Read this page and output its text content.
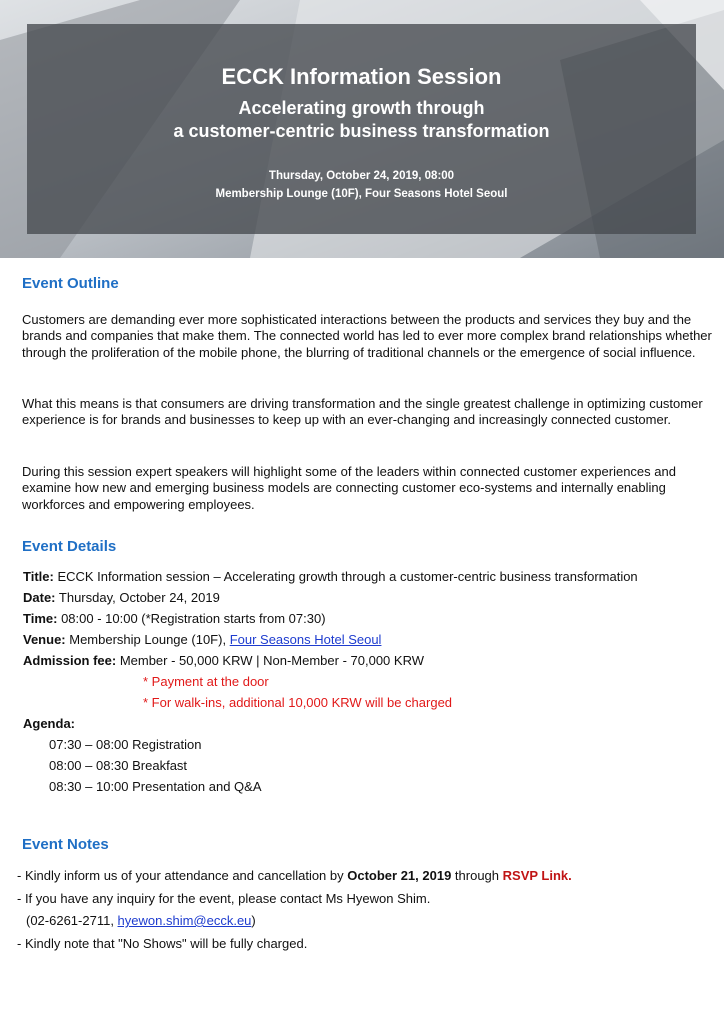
ECCK Information Session
Accelerating growth through
a customer-centric business transformation
Thursday, October 24, 2019, 08:00
Membership Lounge (10F), Four Seasons Hotel Seoul
Event Outline
Customers are demanding ever more sophisticated interactions between the products and services they buy and the brands and companies that make them. The connected world has led to ever more complex brand relationships whether through the proliferation of the mobile phone, the blurring of traditional channels or the emergence of social influence.
What this means is that consumers are driving transformation and the single greatest challenge in optimizing customer experience is for brands and businesses to keep up with an ever-changing and increasingly connected customer.
During this session expert speakers will highlight some of the leaders within connected customer experiences and examine how new and emerging business models are connecting customer eco-systems and internally enabling workforces and empowering employees.
Event Details
Title: ECCK Information session – Accelerating growth through a customer-centric business transformation
Date: Thursday, October 24, 2019
Time: 08:00 - 10:00 (*Registration starts from 07:30)
Venue: Membership Lounge (10F), Four Seasons Hotel Seoul
Admission fee: Member - 50,000 KRW | Non-Member - 70,000 KRW
* Payment at the door
* For walk-ins, additional 10,000 KRW will be charged
Agenda:
07:30 – 08:00 Registration
08:00 – 08:30 Breakfast
08:30 – 10:00 Presentation and Q&A
Event Notes
- Kindly inform us of your attendance and cancellation by October 21, 2019 through RSVP Link.
- If you have any inquiry for the event, please contact Ms Hyewon Shim.
(02-6261-2711, hyewon.shim@ecck.eu)
- Kindly note that "No Shows" will be fully charged.
